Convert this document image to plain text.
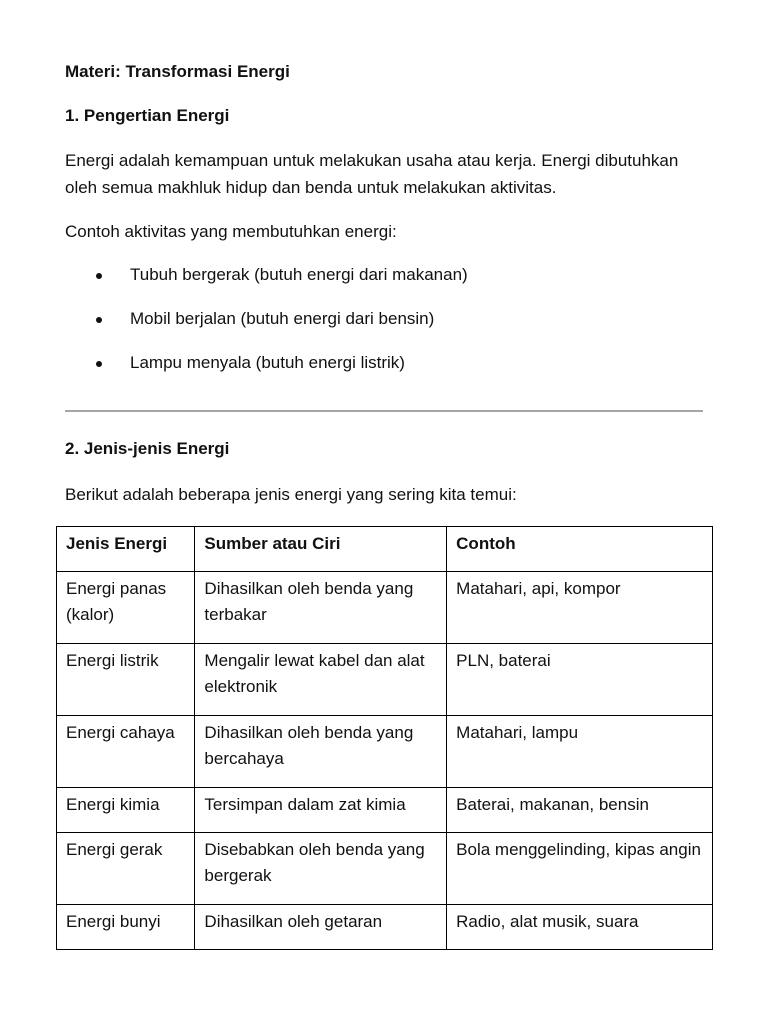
Materi: Transformasi Energi
1. Pengertian Energi
Energi adalah kemampuan untuk melakukan usaha atau kerja. Energi dibutuhkan oleh semua makhluk hidup dan benda untuk melakukan aktivitas.
Contoh aktivitas yang membutuhkan energi:
Tubuh bergerak (butuh energi dari makanan)
Mobil berjalan (butuh energi dari bensin)
Lampu menyala (butuh energi listrik)
2. Jenis-jenis Energi
Berikut adalah beberapa jenis energi yang sering kita temui:
Jenis Energi	Sumber atau Ciri	Contoh
Energi panas (kalor)	Dihasilkan oleh benda yang terbakar	Matahari, api, kompor
Energi listrik	Mengalir lewat kabel dan alat elektronik	PLN, baterai
Energi cahaya	Dihasilkan oleh benda yang bercahaya	Matahari, lampu
Energi kimia	Tersimpan dalam zat kimia	Baterai, makanan, bensin
Energi gerak	Disebabkan oleh benda yang bergerak	Bola menggelinding, kipas angin
Energi bunyi	Dihasilkan oleh getaran	Radio, alat musik, suara
